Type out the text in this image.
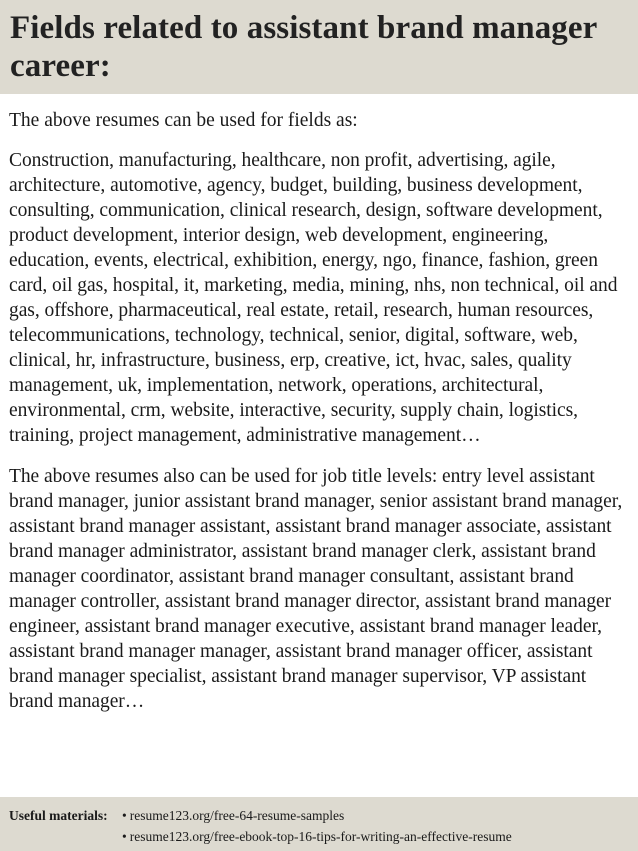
Fields related to assistant brand manager career:

The above resumes can be used for fields as:

Construction, manufacturing, healthcare, non profit, advertising, agile, architecture, automotive, agency, budget, building, business development, consulting, communication, clinical research, design, software development, product development, interior design, web development, engineering, education, events, electrical, exhibition, energy, ngo, finance, fashion, green card, oil gas, hospital, it, marketing, media, mining, nhs, non technical, oil and gas, offshore, pharmaceutical, real estate, retail, research, human resources, telecommunications, technology, technical, senior, digital, software, web, clinical, hr, infrastructure, business, erp, creative, ict, hvac, sales, quality management, uk, implementation, network, operations, architectural, environmental, crm, website, interactive, security, supply chain, logistics, training, project management, administrative management…

The above resumes also can be used for job title levels: entry level assistant brand manager, junior assistant brand manager, senior assistant brand manager, assistant brand manager assistant, assistant brand manager associate, assistant brand manager administrator, assistant brand manager clerk, assistant brand manager coordinator, assistant brand manager consultant, assistant brand manager controller, assistant brand manager director, assistant brand manager engineer, assistant brand manager executive, assistant brand manager leader, assistant brand manager manager, assistant brand manager officer, assistant brand manager specialist, assistant brand manager supervisor, VP assistant brand manager…

Useful materials:	• resume123.org/free-64-resume-samples
• resume123.org/free-ebook-top-16-tips-for-writing-an-effective-resume
